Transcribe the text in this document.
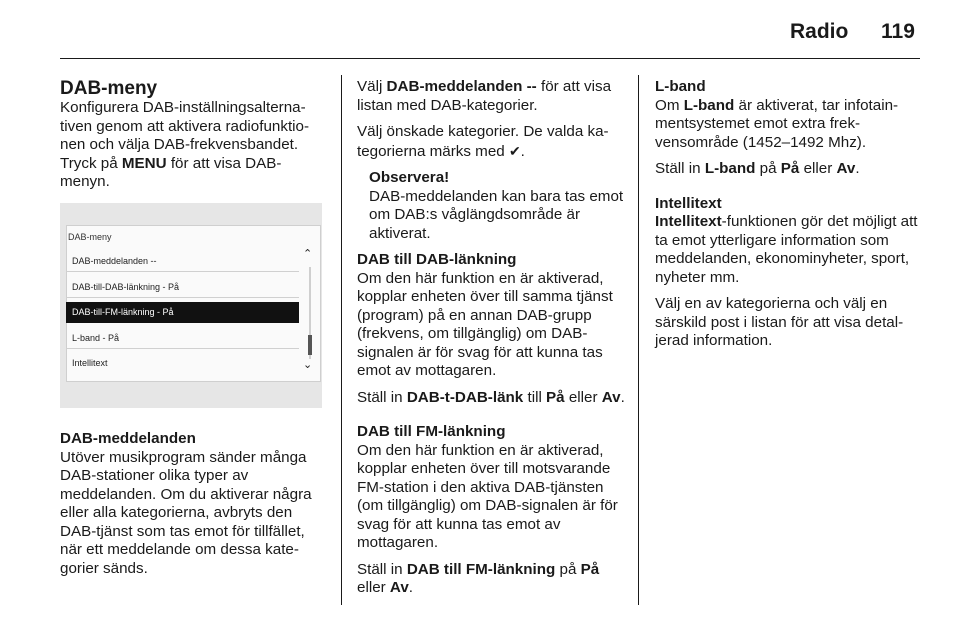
Radio 119

DAB-meny

Konfigurera DAB-inställningsalternativen genom att aktivera radiofunktionen och välja DAB-frekvensbandet.

Tryck på MENU för att visa DAB-menyn.

DAB-meny
DAB-meddelanden --
DAB-till-DAB-länkning - På
DAB-till-FM-länkning - På
L-band - På
Intellitext
⌃
⌄

DAB-meddelanden

Utöver musikprogram sänder många DAB-stationer olika typer av meddelanden. Om du aktiverar några eller alla kategorierna, avbryts den DAB-tjänst som tas emot för tillfället, när ett meddelande om dessa kategorier sänds.

Välj DAB-meddelanden -- för att visa listan med DAB-kategorier.

Välj önskade kategorier. De valda kategorierna märks med ✔.

Observera!
DAB-meddelanden kan bara tas emot om DAB:s våglängdsområde är aktiverat.

DAB till DAB-länkning

Om den här funktion en är aktiverad, kopplar enheten över till samma tjänst (program) på en annan DAB-grupp (frekvens, om tillgänglig) om DAB-signalen är för svag för att kunna tas emot av mottagaren.

Ställ in DAB-t-DAB-länk till På eller Av.

DAB till FM-länkning

Om den här funktion en är aktiverad, kopplar enheten över till motsvarande FM-station i den aktiva DAB-tjänsten (om tillgänglig) om DAB-signalen är för svag för att kunna tas emot av mottagaren.

Ställ in DAB till FM-länkning på På eller Av.

L-band

Om L-band är aktiverat, tar infotainmentsystemet emot extra frekvensområde (1452–1492 Mhz).

Ställ in L-band på På eller Av.

Intellitext

Intellitext-funktionen gör det möjligt att ta emot ytterligare information som meddelanden, ekonominyheter, sport, nyheter mm.

Välj en av kategorierna och välj en särskild post i listan för att visa detaljerad information.
